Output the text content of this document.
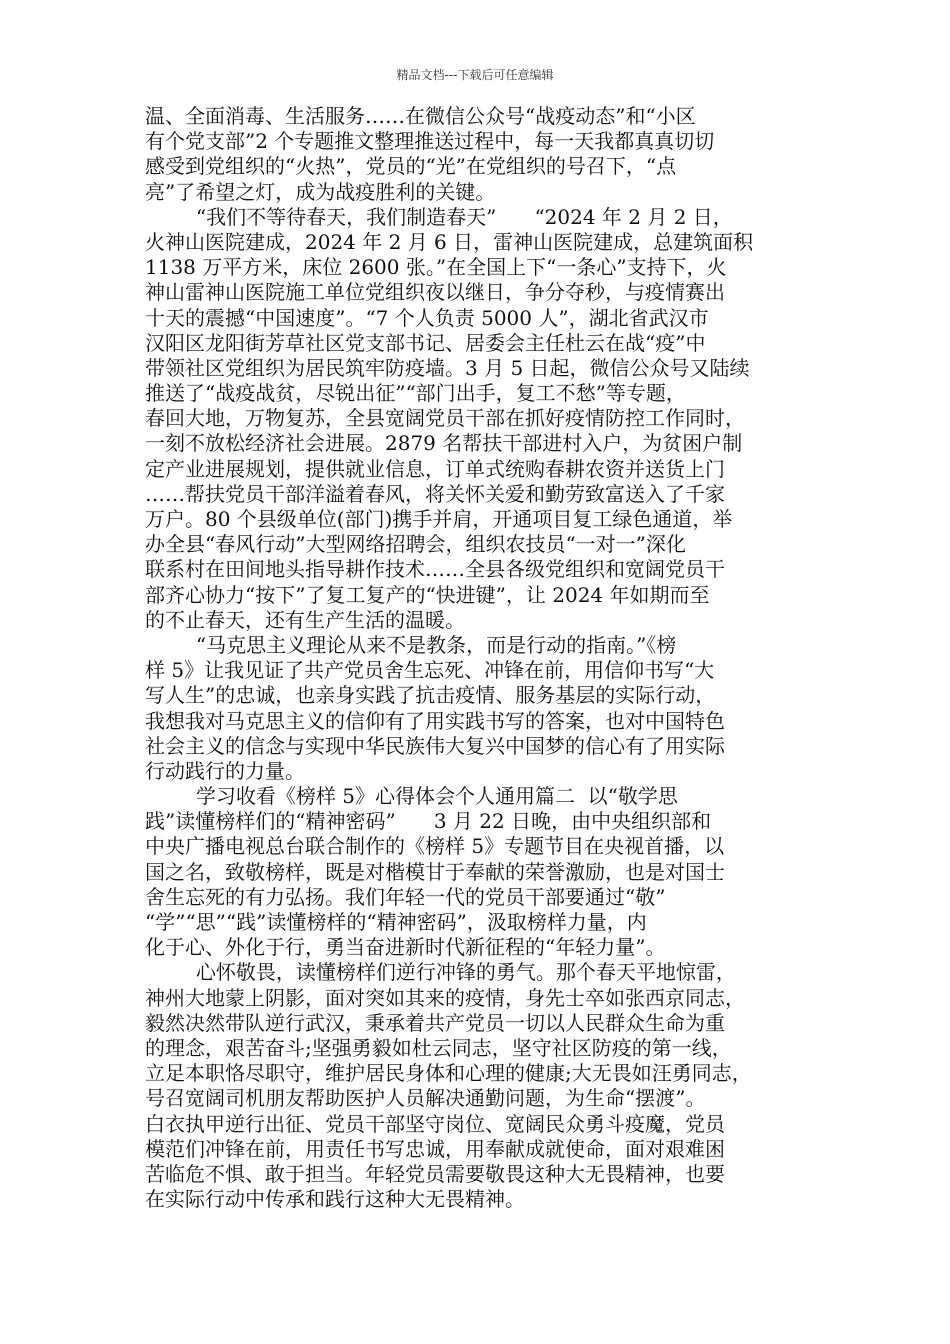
精品文档---下载后可任意编辑
温、全面消毒、生活服务……在微信公众号“战疫动态”和“小区
有个党支部”2 个专题推文整理推送过程中，每一天我都真真切切
感受到党组织的“火热”，党员的“光”在党组织的号召下，“点
亮”了希望之灯，成为战疫胜利的关键。
“我们不等待春天，我们制造春天”      “2024 年 2 月 2 日，
火神山医院建成，2024 年 2 月 6 日，雷神山医院建成，总建筑面积
1138 万平方米，床位 2600 张。”在全国上下“一条心”支持下，火
神山雷神山医院施工单位党组织夜以继日，争分夺秒，与疫情赛出
十天的震撼“中国速度”。“7 个人负责 5000 人”，湖北省武汉市
汉阳区龙阳街芳草社区党支部书记、居委会主任杜云在战“疫”中
带领社区党组织为居民筑牢防疫墙。3 月 5 日起，微信公众号又陆续
推送了“战疫战贫，尽锐出征”“部门出手，复工不愁”等专题，
春回大地，万物复苏，全县宽阔党员干部在抓好疫情防控工作同时，
一刻不放松经济社会进展。2879 名帮扶干部进村入户，为贫困户制
定产业进展规划，提供就业信息，订单式统购春耕农资并送货上门
……帮扶党员干部洋溢着春风，将关怀关爱和勤劳致富送入了千家
万户。80 个县级单位(部门)携手并肩，开通项目复工绿色通道，举
办全县“春风行动”大型网络招聘会，组织农技员“一对一”深化
联系村在田间地头指导耕作技术……全县各级党组织和宽阔党员干
部齐心协力“按下”了复工复产的“快进键”，让 2024 年如期而至
的不止春天，还有生产生活的温暖。
“马克思主义理论从来不是教条，而是行动的指南。”《榜
样 5》让我见证了共产党员舍生忘死、冲锋在前，用信仰书写“大
写人生”的忠诚，也亲身实践了抗击疫情、服务基层的实际行动，
我想我对马克思主义的信仰有了用实践书写的答案，也对中国特色
社会主义的信念与实现中华民族伟大复兴中国梦的信心有了用实际
行动践行的力量。
学习收看《榜样 5》心得体会个人通用篇二  以“敬学思
践”读懂榜样们的“精神密码”      3 月 22 日晚，由中央组织部和
中央广播电视总台联合制作的《榜样 5》专题节目在央视首播，以
国之名，致敬榜样，既是对楷模甘于奉献的荣誉激励，也是对国士
舍生忘死的有力弘扬。我们年轻一代的党员干部要通过“敬”
“学”“思”“践”读懂榜样的“精神密码”，汲取榜样力量，内
化于心、外化于行，勇当奋进新时代新征程的“年轻力量”。
心怀敬畏，读懂榜样们逆行冲锋的勇气。那个春天平地惊雷，
神州大地蒙上阴影，面对突如其来的疫情，身先士卒如张西京同志，
毅然决然带队逆行武汉，秉承着共产党员一切以人民群众生命为重
的理念，艰苦奋斗;坚强勇毅如杜云同志，坚守社区防疫的第一线，
立足本职恪尽职守，维护居民身体和心理的健康;大无畏如汪勇同志，
号召宽阔司机朋友帮助医护人员解决通勤问题，为生命“摆渡”。
白衣执甲逆行出征、党员干部坚守岗位、宽阔民众勇斗疫魔，党员
模范们冲锋在前，用责任书写忠诚，用奉献成就使命，面对艰难困
苦临危不惧、敢于担当。年轻党员需要敬畏这种大无畏精神，也要
在实际行动中传承和践行这种大无畏精神。
